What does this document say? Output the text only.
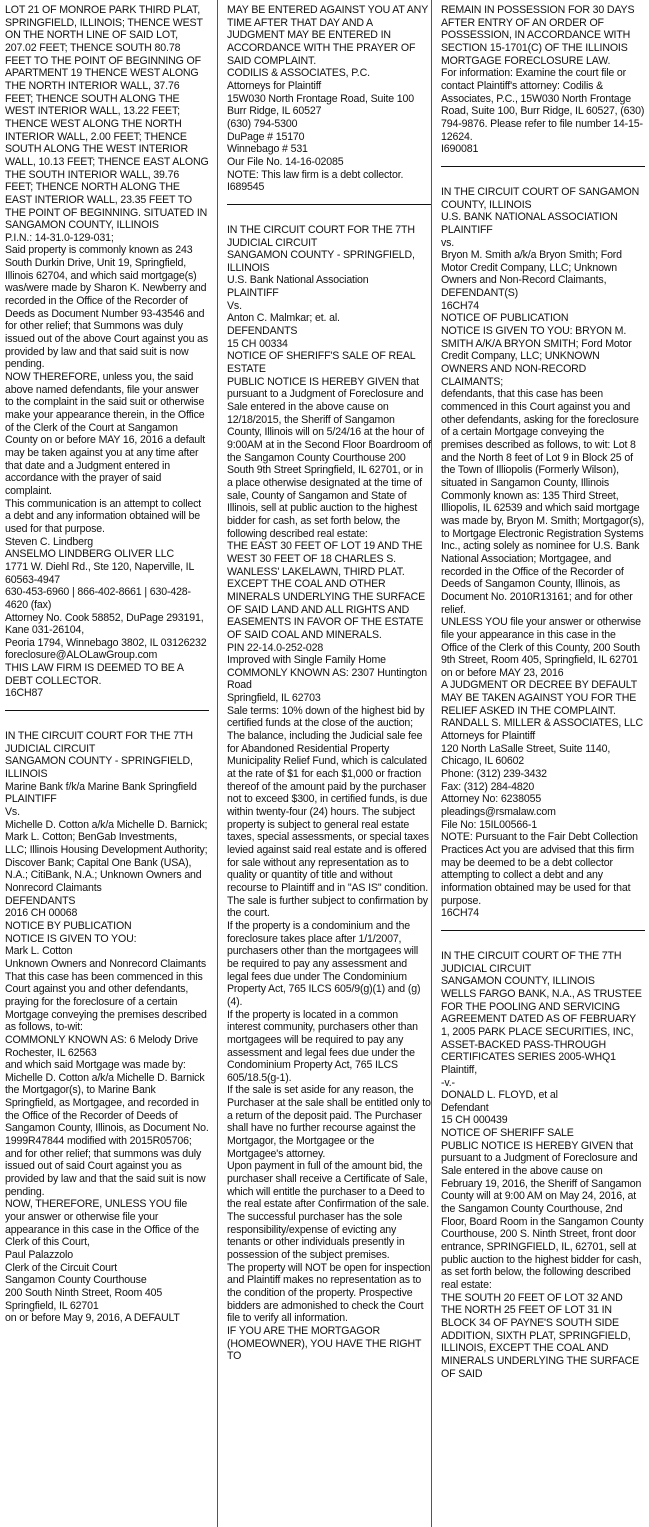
LOT 21 OF MONROE PARK THIRD PLAT, SPRINGFIELD, ILLINOIS; THENCE WEST ON THE NORTH LINE OF SAID LOT, 207.02 FEET; THENCE SOUTH 80.78 FEET TO THE POINT OF BEGINNING OF APARTMENT 19 THENCE WEST ALONG THE NORTH INTERIOR WALL, 37.76 FEET; THENCE SOUTH ALONG THE WEST INTERIOR WALL, 13.22 FEET; THENCE WEST ALONG THE NORTH INTERIOR WALL, 2.00 FEET; THENCE SOUTH ALONG THE WEST INTERIOR WALL, 10.13 FEET; THENCE EAST ALONG THE SOUTH INTERIOR WALL, 39.76 FEET; THENCE NORTH ALONG THE EAST INTERIOR WALL, 23.35 FEET TO THE POINT OF BEGINNING. SITUATED IN SANGAMON COUNTY, ILLINOIS
P.I.N.: 14-31.0-129-031;
Said property is commonly known as 243 South Durkin Drive, Unit 19, Springfield, Illinois 62704, and which said mortgage(s) was/were made by Sharon K. Newberry and recorded in the Office of the Recorder of Deeds as Document Number 93-43546 and for other relief; that Summons was duly issued out of the above Court against you as provided by law and that said suit is now pending.
NOW THEREFORE, unless you, the said above named defendants, file your answer to the complaint in the said suit or otherwise make your appearance therein, in the Office of the Clerk of the Court at Sangamon County on or before MAY 16, 2016 a default may be taken against you at any time after that date and a Judgment entered in accordance with the prayer of said complaint.
This communication is an attempt to collect a debt and any information obtained will be used for that purpose.
Steven C. Lindberg
ANSELMO LINDBERG OLIVER LLC
1771 W. Diehl Rd., Ste 120, Naperville, IL 60563-4947
630-453-6960 | 866-402-8661 | 630-428-4620 (fax)
Attorney No. Cook 58852, DuPage 293191, Kane 031-26104,
Peoria 1794, Winnebago 3802, IL 03126232
foreclosure@ALOLawGroup.com
THIS LAW FIRM IS DEEMED TO BE A DEBT COLLECTOR.
16CH87
IN THE CIRCUIT COURT FOR THE 7TH JUDICIAL CIRCUIT
SANGAMON COUNTY - SPRINGFIELD, ILLINOIS
Marine Bank f/k/a Marine Bank Springfield
PLAINTIFF
Vs.
Michelle D. Cotton a/k/a Michelle D. Barnick; Mark L. Cotton; BenGab Investments,
LLC; Illinois Housing Development Authority; Discover Bank; Capital One Bank (USA), N.A.; CitiBank, N.A.; Unknown Owners and Nonrecord Claimants
DEFENDANTS
2016 CH 00068
NOTICE BY PUBLICATION
NOTICE IS GIVEN TO YOU:
Mark L. Cotton
Unknown Owners and Nonrecord Claimants
That this case has been commenced in this Court against you and other defendants, praying for the foreclosure of a certain Mortgage conveying the premises described as follows, to-wit:
COMMONLY KNOWN AS: 6 Melody Drive Rochester, IL 62563
and which said Mortgage was made by: Michelle D. Cotton a/k/a Michelle D. Barnick
the Mortgagor(s), to Marine Bank Springfield, as Mortgagee, and recorded in the Office of the Recorder of Deeds of Sangamon County, Illinois, as Document No. 1999R47844 modified with 2015R05706; and for other relief; that summons was duly issued out of said Court against you as provided by law and that the said suit is now pending.
NOW, THEREFORE, UNLESS YOU file your answer or otherwise file your appearance in this case in the Office of the Clerk of this Court,
Paul Palazzolo
Clerk of the Circuit Court
Sangamon County Courthouse
200 South Ninth Street, Room 405
Springfield, IL 62701
on or before May 9, 2016, A DEFAULT
MAY BE ENTERED AGAINST YOU AT ANY TIME AFTER THAT DAY AND A JUDGMENT MAY BE ENTERED IN ACCORDANCE WITH THE PRAYER OF SAID COMPLAINT.
CODILIS & ASSOCIATES, P.C.
Attorneys for Plaintiff
15W030 North Frontage Road, Suite 100
Burr Ridge, IL 60527
(630) 794-5300
DuPage # 15170
Winnebago # 531
Our File No. 14-16-02085
NOTE: This law firm is a debt collector.
I689545
IN THE CIRCUIT COURT FOR THE 7TH JUDICIAL CIRCUIT
SANGAMON COUNTY - SPRINGFIELD, ILLINOIS
U.S. Bank National Association
PLAINTIFF
Vs.
Anton C. Malmkar; et. al.
DEFENDANTS
15 CH 00334
NOTICE OF SHERIFF'S SALE OF REAL ESTATE
PUBLIC NOTICE IS HEREBY GIVEN that pursuant to a Judgment of Foreclosure and Sale entered in the above cause on 12/18/2015, the Sheriff of Sangamon County, Illinois will on 5/24/16 at the hour of 9:00AM at in the Second Floor Boardroom of the Sangamon County Courthouse 200 South 9th Street Springfield, IL 62701, or in a place otherwise designated at the time of sale, County of Sangamon and State of Illinois, sell at public auction to the highest bidder for cash, as set forth below, the following described real estate:
THE EAST 30 FEET OF LOT 19 AND THE WEST 30 FEET OF 18 CHARLES S. WANLESS' LAKELAWN, THIRD PLAT. EXCEPT THE COAL AND OTHER MINERALS UNDERLYING THE SURFACE OF SAID LAND AND ALL RIGHTS AND EASEMENTS IN FAVOR OF THE ESTATE OF SAID COAL AND MINERALS.
PIN 22-14.0-252-028
Improved with Single Family Home
COMMONLY KNOWN AS: 2307 Huntington Road
Springfield, IL 62703
Sale terms: 10% down of the highest bid by certified funds at the close of the auction; The balance, including the Judicial sale fee for Abandoned Residential Property Municipality Relief Fund, which is calculated at the rate of $1 for each $1,000 or fraction thereof of the amount paid by the purchaser not to exceed $300, in certified funds, is due within twenty-four (24) hours. The subject property is subject to general real estate taxes, special assessments, or special taxes levied against said real estate and is offered for sale without any representation as to quality or quantity of title and without recourse to Plaintiff and in "AS IS" condition. The sale is further subject to confirmation by the court.
If the property is a condominium and the foreclosure takes place after 1/1/2007, purchasers other than the mortgagees will be required to pay any assessment and legal fees due under The Condominium Property Act, 765 ILCS 605/9(g)(1) and (g)(4).
If the property is located in a common interest community, purchasers other than mortgagees will be required to pay any assessment and legal fees due under the Condominium Property Act, 765 ILCS 605/18.5(g-1).
If the sale is set aside for any reason, the Purchaser at the sale shall be entitled only to a return of the deposit paid. The Purchaser shall have no further recourse against the Mortgagor, the Mortgagee or the Mortgagee's attorney.
Upon payment in full of the amount bid, the purchaser shall receive a Certificate of Sale, which will entitle the purchaser to a Deed to the real estate after Confirmation of the sale. The successful purchaser has the sole responsibility/expense of evicting any tenants or other individuals presently in possession of the subject premises.
The property will NOT be open for inspection and Plaintiff makes no representation as to the condition of the property. Prospective bidders are admonished to check the Court file to verify all information.
IF YOU ARE THE MORTGAGOR (HOMEOWNER), YOU HAVE THE RIGHT TO
REMAIN IN POSSESSION FOR 30 DAYS AFTER ENTRY OF AN ORDER OF POSSESSION, IN ACCORDANCE WITH SECTION 15-1701(C) OF THE ILLINOIS MORTGAGE FORECLOSURE LAW.
For information: Examine the court file or contact Plaintiff's attorney: Codilis & Associates, P.C., 15W030 North Frontage Road, Suite 100, Burr Ridge, IL 60527, (630) 794-9876. Please refer to file number 14-15-12624.
I690081
IN THE CIRCUIT COURT OF SANGAMON COUNTY, ILLINOIS
U.S. BANK NATIONAL ASSOCIATION
PLAINTIFF
vs.
Bryon M. Smith a/k/a Bryon Smith; Ford Motor Credit Company, LLC; Unknown Owners and Non-Record Claimants,
DEFENDANT(S)
16CH74
NOTICE OF PUBLICATION
NOTICE IS GIVEN TO YOU: BRYON M. SMITH A/K/A BRYON SMITH; Ford Motor Credit Company, LLC; UNKNOWN OWNERS AND NON-RECORD CLAIMANTS;
defendants, that this case has been commenced in this Court against you and other defendants, asking for the foreclosure of a certain Mortgage conveying the premises described as follows, to wit: Lot 8 and the North 8 feet of Lot 9 in Block 25 of the Town of Illiopolis (Formerly Wilson), situated in Sangamon County, Illinois
Commonly known as: 135 Third Street, Illiopolis, IL 62539 and which said mortgage was made by, Bryon M. Smith; Mortgagor(s), to Mortgage Electronic Registration Systems Inc., acting solely as nominee for U.S. Bank National Association; Mortgagee, and recorded in the Office of the Recorder of Deeds of Sangamon County, Illinois, as Document No. 2010R13161; and for other relief.
UNLESS YOU file your answer or otherwise file your appearance in this case in the Office of the Clerk of this County, 200 South 9th Street, Room 405, Springfield, IL 62701
on or before MAY 23, 2016
A JUDGMENT OR DECREE BY DEFAULT MAY BE TAKEN AGAINST YOU FOR THE RELIEF ASKED IN THE COMPLAINT.
RANDALL S. MILLER & ASSOCIATES, LLC
Attorneys for Plaintiff
120 North LaSalle Street, Suite 1140, Chicago, IL 60602
Phone: (312) 239-3432
Fax: (312) 284-4820
Attorney No: 6238055
pleadings@rsmalaw.com
File No: 15IL00566-1
NOTE: Pursuant to the Fair Debt Collection Practices Act you are advised that this firm may be deemed to be a debt collector attempting to collect a debt and any information obtained may be used for that purpose.
16CH74
IN THE CIRCUIT COURT OF THE 7TH JUDICIAL CIRCUIT
SANGAMON COUNTY, ILLINOIS
WELLS FARGO BANK, N.A., AS TRUSTEE FOR THE POOLING AND SERVICING AGREEMENT DATED AS OF FEBRUARY 1, 2005 PARK PLACE SECURITIES, INC, ASSET-BACKED PASS-THROUGH CERTIFICATES SERIES 2005-WHQ1
Plaintiff,
-v.-
DONALD L. FLOYD, et al
Defendant
15 CH 000439
NOTICE OF SHERIFF SALE
PUBLIC NOTICE IS HEREBY GIVEN that pursuant to a Judgment of Foreclosure and Sale entered in the above cause on February 19, 2016, the Sheriff of Sangamon County will at 9:00 AM on May 24, 2016, at the Sangamon County Courthouse, 2nd Floor, Board Room in the Sangamon County Courthouse, 200 S. Ninth Street, front door entrance, SPRINGFIELD, IL, 62701, sell at public auction to the highest bidder for cash, as set forth below, the following described real estate:
THE SOUTH 20 FEET OF LOT 32 AND THE NORTH 25 FEET OF LOT 31 IN BLOCK 34 OF PAYNE'S SOUTH SIDE ADDITION, SIXTH PLAT, SPRINGFIELD, ILLINOIS, EXCEPT THE COAL AND MINERALS UNDERLYING THE SURFACE OF SAID
